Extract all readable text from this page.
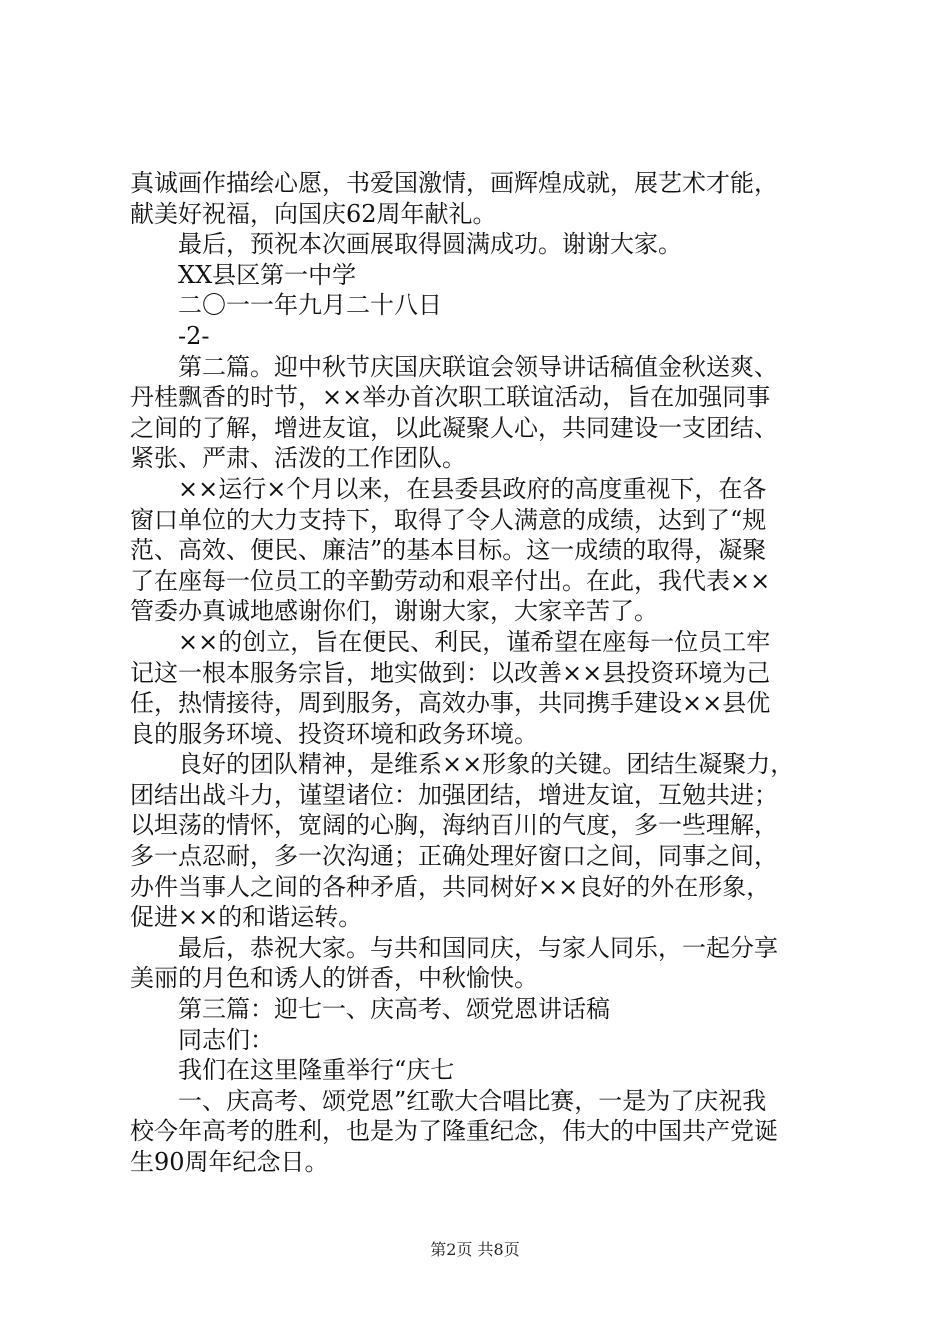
真诚画作描绘心愿，书爱国激情，画辉煌成就，展艺术才能，
献美好祝福，向国庆62周年献礼。
最后，预祝本次画展取得圆满成功。谢谢大家。
XX县区第一中学
二〇一一年九月二十八日
-2-
第二篇。迎中秋节庆国庆联谊会领导讲话稿值金秋送爽、
丹桂飘香的时节，××举办首次职工联谊活动，旨在加强同事
之间的了解，增进友谊，以此凝聚人心，共同建设一支团结、
紧张、严肃、活泼的工作团队。
××运行×个月以来，在县委县政府的高度重视下，在各
窗口单位的大力支持下，取得了令人满意的成绩，达到了“规
范、高效、便民、廉洁”的基本目标。这一成绩的取得，凝聚
了在座每一位员工的辛勤劳动和艰辛付出。在此，我代表××
管委办真诚地感谢你们，谢谢大家，大家辛苦了。
××的创立，旨在便民、利民，谨希望在座每一位员工牢
记这一根本服务宗旨，地实做到：以改善××县投资环境为己
任，热情接待，周到服务，高效办事，共同携手建设××县优
良的服务环境、投资环境和政务环境。
良好的团队精神，是维系××形象的关键。团结生凝聚力，
团结出战斗力，谨望诸位：加强团结，增进友谊，互勉共进；
以坦荡的情怀，宽阔的心胸，海纳百川的气度，多一些理解，
多一点忍耐，多一次沟通；正确处理好窗口之间，同事之间，
办件当事人之间的各种矛盾，共同树好××良好的外在形象，
促进××的和谐运转。
最后，恭祝大家。与共和国同庆，与家人同乐，一起分享
美丽的月色和诱人的饼香，中秋愉快。
第三篇：迎七一、庆高考、颂党恩讲话稿
同志们：
我们在这里隆重举行“庆七
一、庆高考、颂党恩”红歌大合唱比赛，一是为了庆祝我
校今年高考的胜利，也是为了隆重纪念，伟大的中国共产党诞
生90周年纪念日。
第2页 共8页
